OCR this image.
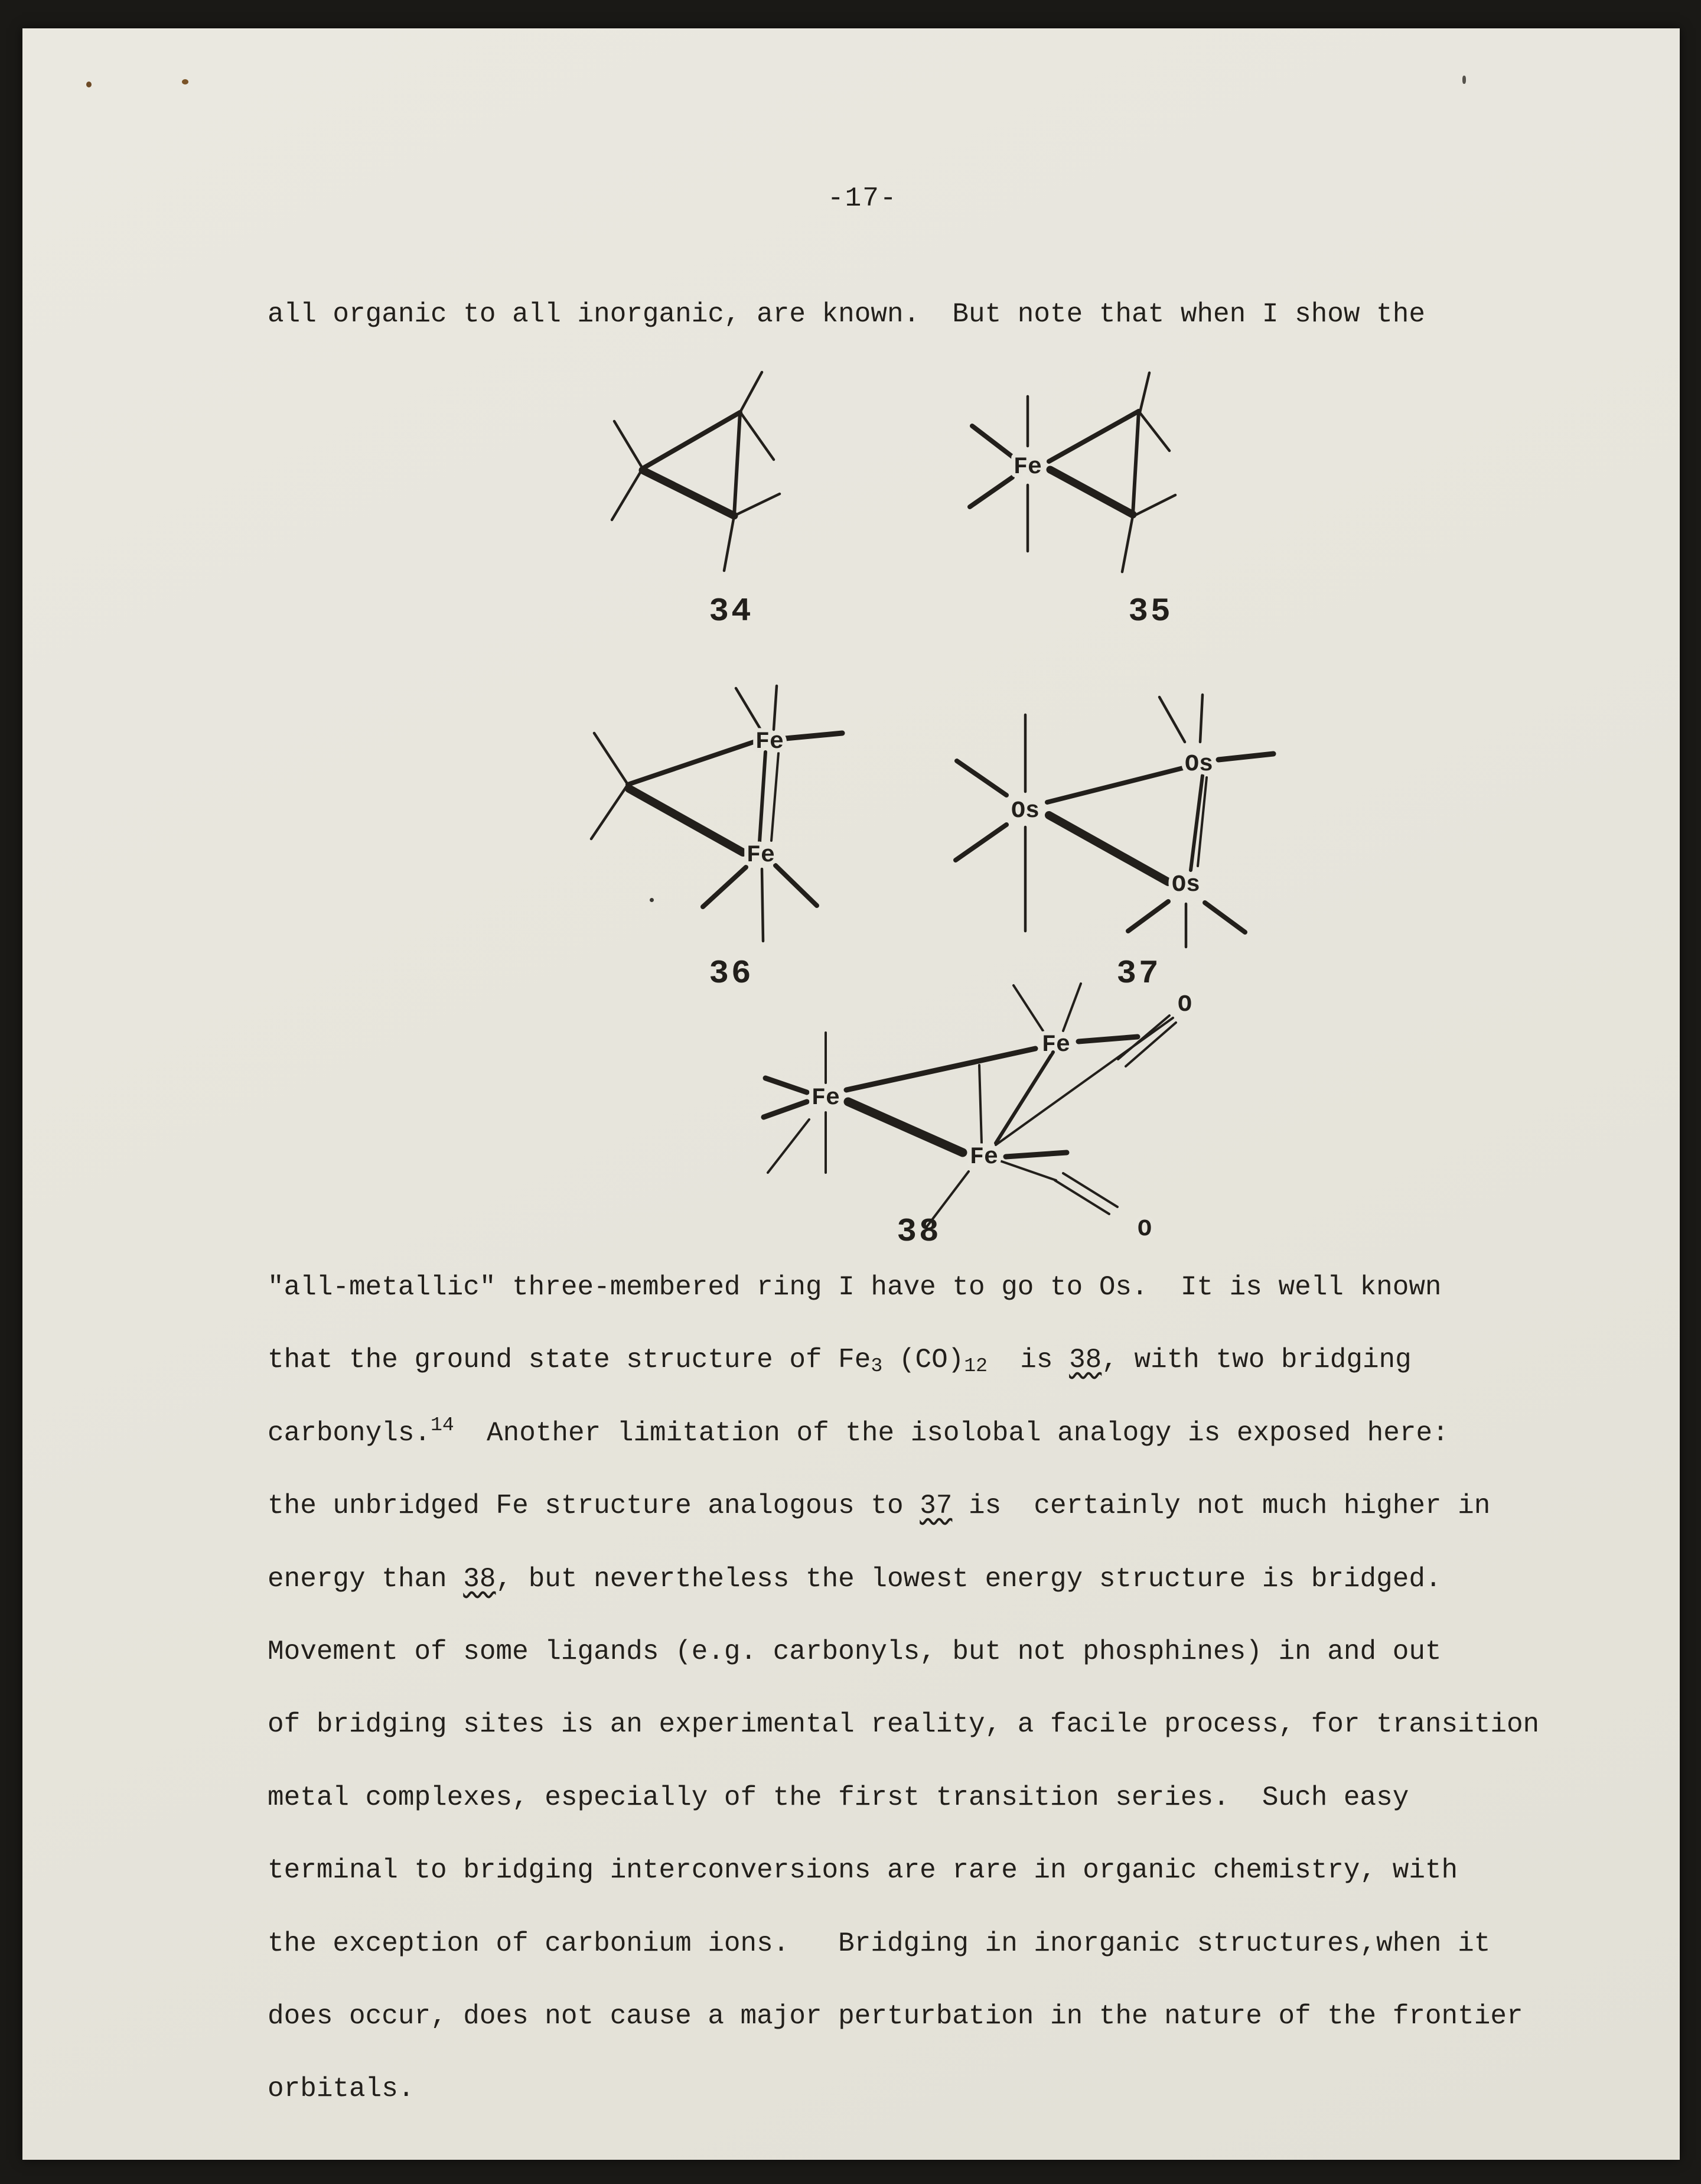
-17-
all organic to all inorganic, are known.  But note that when I show the
Fe
Fe
Fe
Os
Os
Os
Fe
Fe
Fe
O
O
34	35
36	37
38
"all-metallic" three-membered ring I have to go to Os.  It is well known
that the ground state structure of Fe3 (CO)12  is 38, with two bridging
carbonyls.$^{14}$  Another limitation of the isolobal analogy is exposed here:
the unbridged Fe structure analogous to 37 is  certainly not much higher in
energy than 38, but nevertheless the lowest energy structure is bridged.
Movement of some ligands (e.g. carbonyls, but not phosphines) in and out
of bridging sites is an experimental reality, a facile process, for transition
metal complexes, especially of the first transition series.  Such easy
terminal to bridging interconversions are rare in organic chemistry, with
the exception of carbonium ions.   Bridging in inorganic structures,when it
does occur, does not cause a major perturbation in the nature of the frontier
orbitals.
